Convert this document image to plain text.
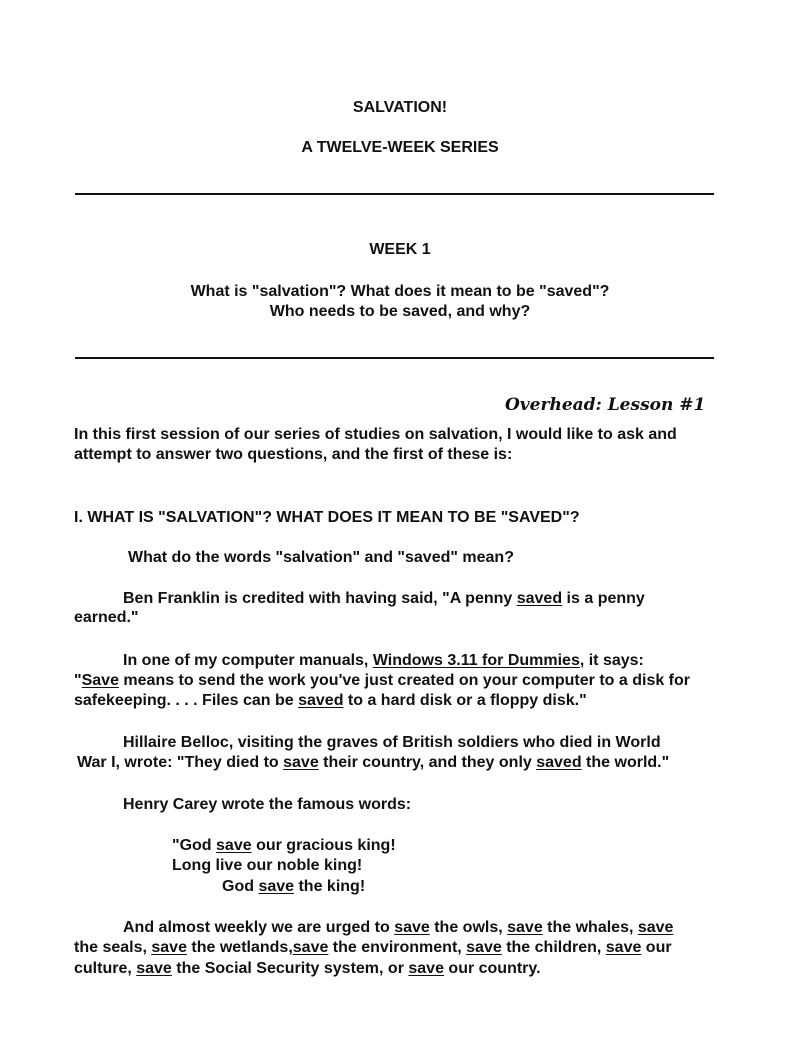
SALVATION!
A TWELVE-WEEK SERIES
WEEK 1
What is "salvation"? What does it mean to be "saved"?
Who needs to be saved, and why?
Overhead: Lesson #1
In this first session of our series of studies on salvation, I would like to ask and
attempt to answer two questions, and the first of these is:
I. WHAT IS "SALVATION"? WHAT DOES IT MEAN TO BE "SAVED"?
What do the words "salvation" and "saved" mean?
Ben Franklin is credited with having said, "A penny saved is a penny
earned."
In one of my computer manuals, Windows 3.11 for Dummies, it says:
"Save means to send the work you've just created on your computer to a disk for
safekeeping. . . . Files can be saved to a hard disk or a floppy disk."
Hillaire Belloc, visiting the graves of British soldiers who died in World
War I, wrote: "They died to save their country, and they only saved the world."
Henry Carey wrote the famous words:
"God save our gracious king!
Long live our noble king!
God save the king!
And almost weekly we are urged to save the owls, save the whales, save
the seals, save the wetlands,save the environment, save the children, save our
culture, save the Social Security system, or save our country.
